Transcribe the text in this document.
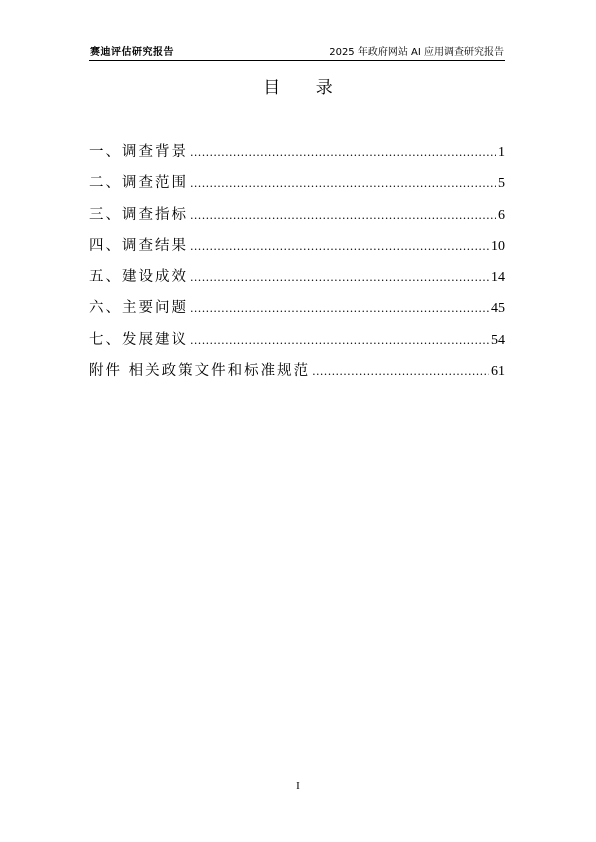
赛迪评估研究报告	2025 年政府网站 AI 应用调查研究报告
目 录
一、调查背景 .....	1
二、调查范围 .....	5
三、调查指标 .....	6
四、调查结果 .....	10
五、建设成效 .....	14
六、主要问题 .....	45
七、发展建议 .....	54
附件 相关政策文件和标准规范 .....	61
I
